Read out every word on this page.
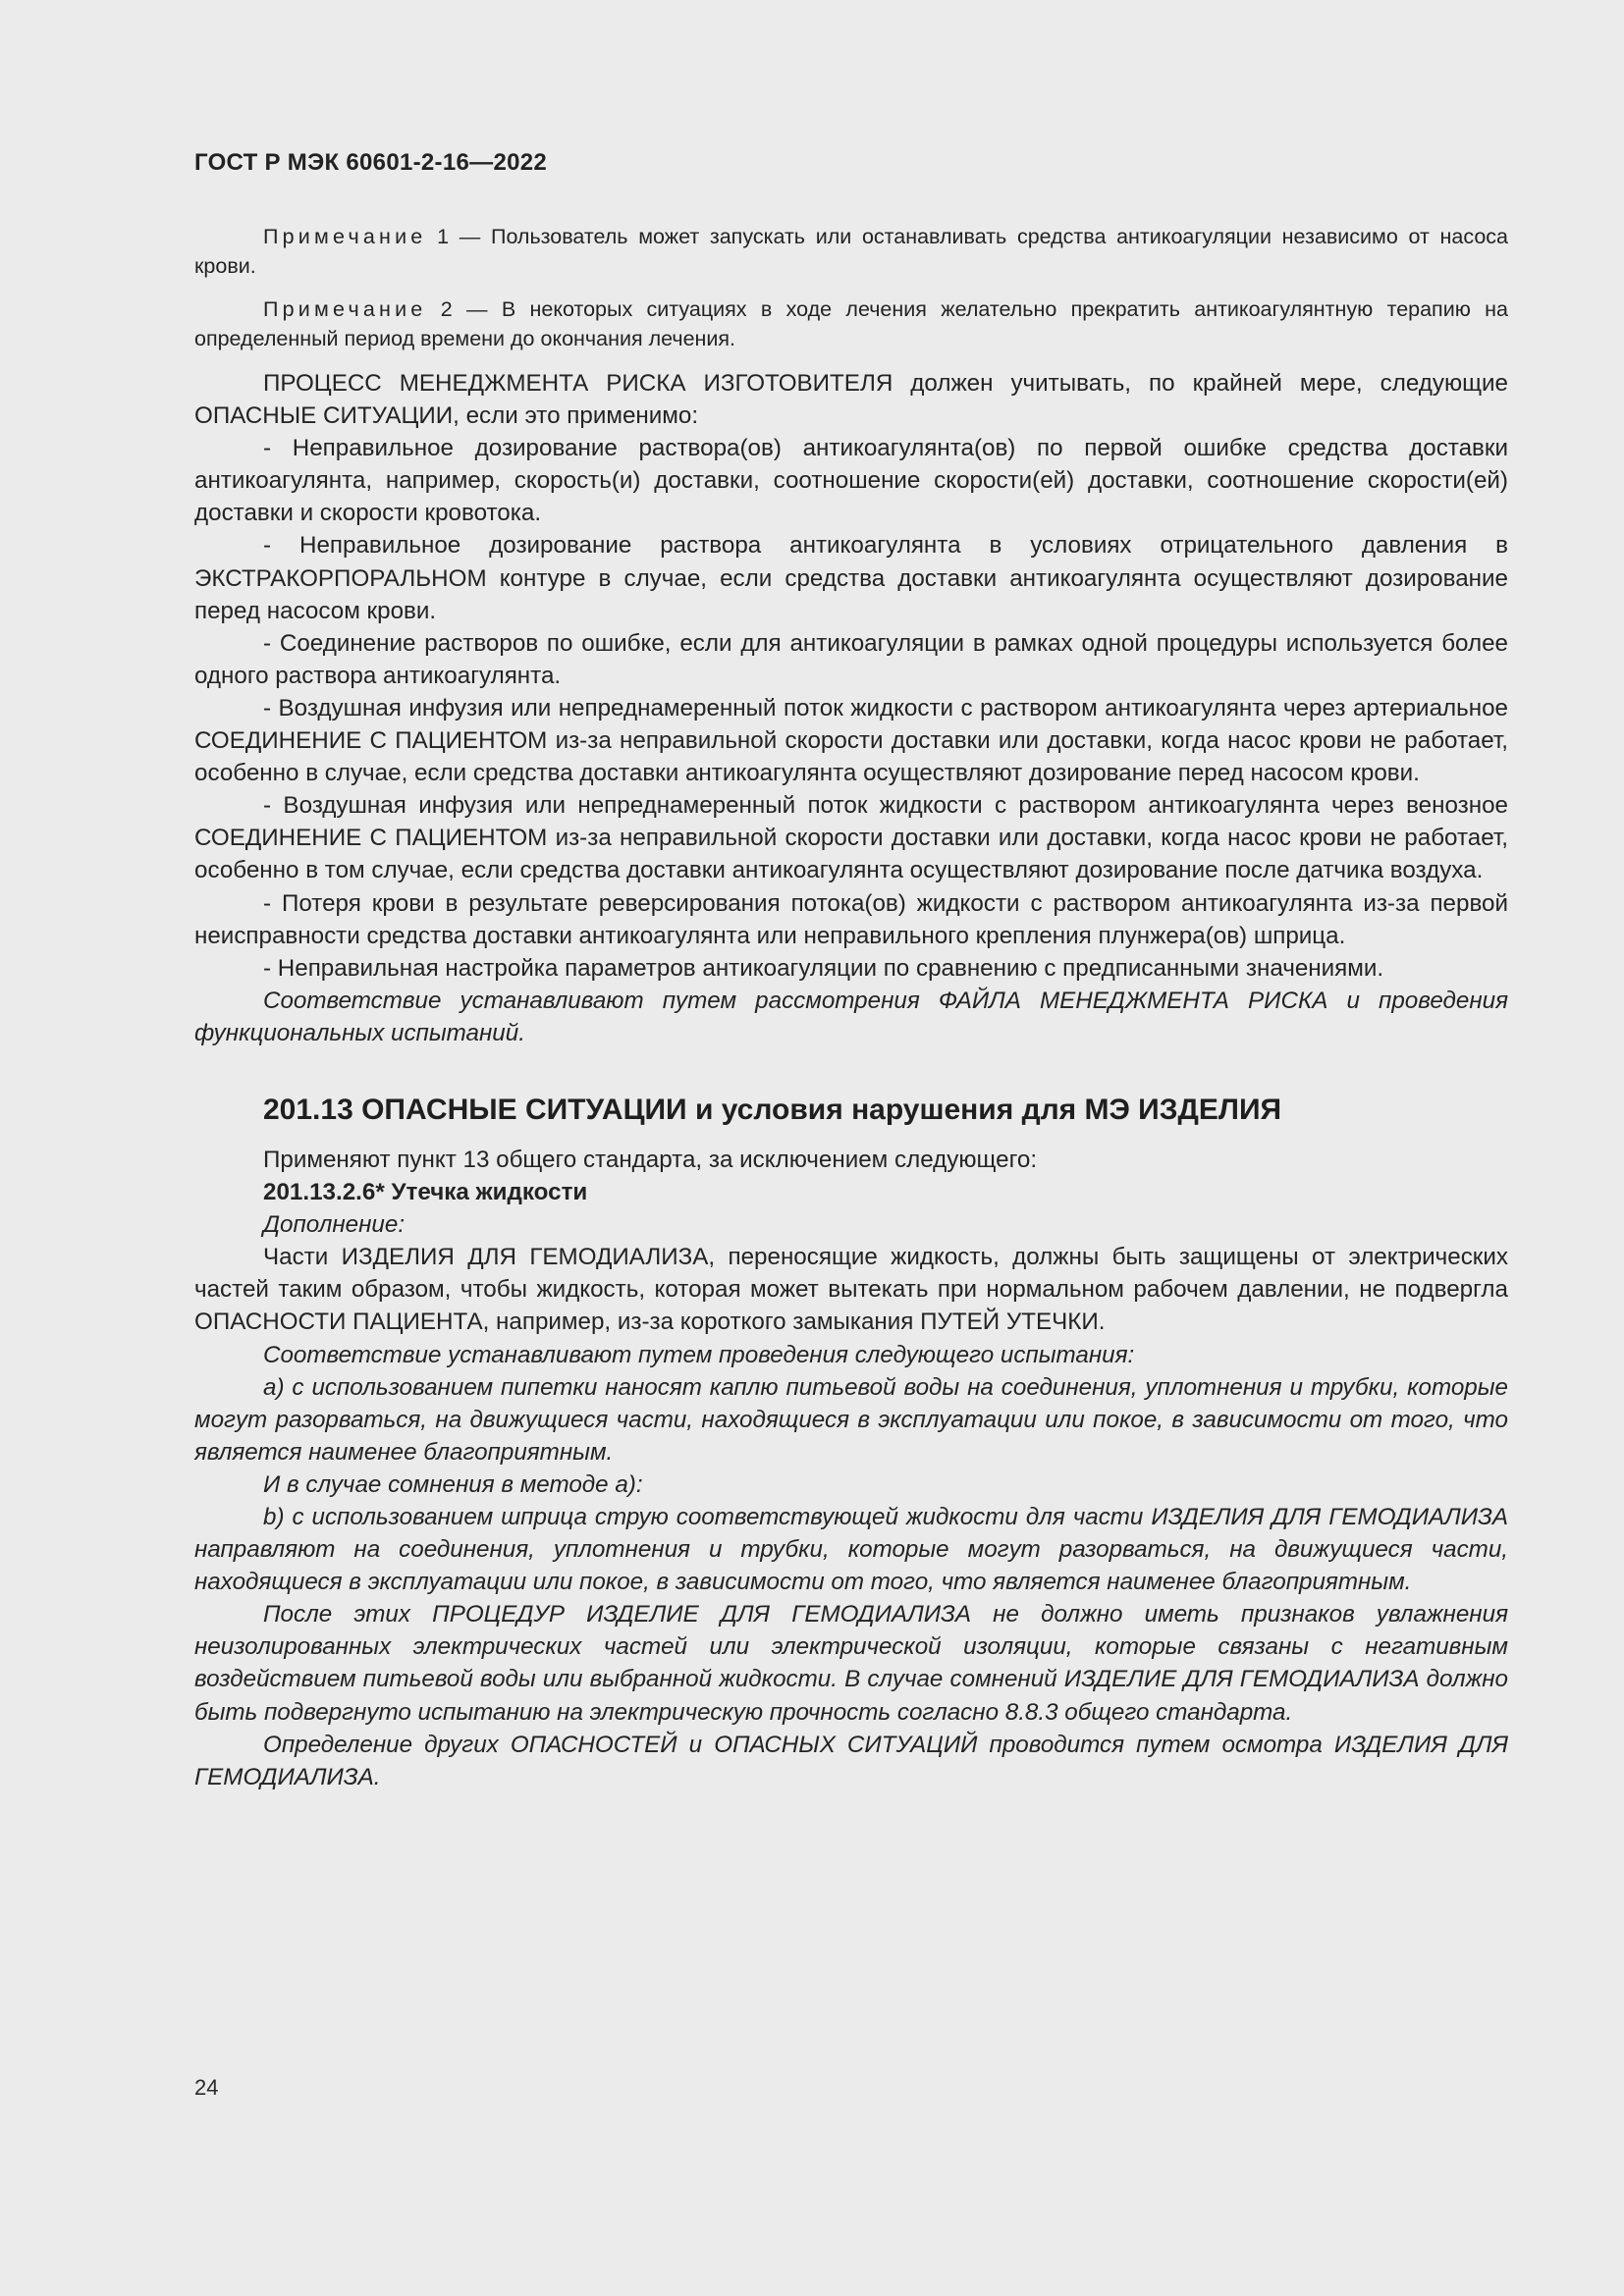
ГОСТ Р МЭК 60601-2-16—2022

Примечание 1 — Пользователь может запускать или останавливать средства антикоагуляции независимо от насоса крови.

Примечание 2 — В некоторых ситуациях в ходе лечения желательно прекратить антикоагулянтную терапию на определенный период времени до окончания лечения.

ПРОЦЕСС МЕНЕДЖМЕНТА РИСКА ИЗГОТОВИТЕЛЯ должен учитывать, по крайней мере, следующие ОПАСНЫЕ СИТУАЦИИ, если это применимо:

- Неправильное дозирование раствора(ов) антикоагулянта(ов) по первой ошибке средства доставки антикоагулянта, например, скорость(и) доставки, соотношение скорости(ей) доставки, соотношение скорости(ей) доставки и скорости кровотока.

- Неправильное дозирование раствора антикоагулянта в условиях отрицательного давления в ЭКСТРАКОРПОРАЛЬНОМ контуре в случае, если средства доставки антикоагулянта осуществляют дозирование перед насосом крови.

- Соединение растворов по ошибке, если для антикоагуляции в рамках одной процедуры используется более одного раствора антикоагулянта.

- Воздушная инфузия или непреднамеренный поток жидкости с раствором антикоагулянта через артериальное СОЕДИНЕНИЕ С ПАЦИЕНТОМ из-за неправильной скорости доставки или доставки, когда насос крови не работает, особенно в случае, если средства доставки антикоагулянта осуществляют дозирование перед насосом крови.

- Воздушная инфузия или непреднамеренный поток жидкости с раствором антикоагулянта через венозное СОЕДИНЕНИЕ С ПАЦИЕНТОМ из-за неправильной скорости доставки или доставки, когда насос крови не работает, особенно в том случае, если средства доставки антикоагулянта осуществляют дозирование после датчика воздуха.

- Потеря крови в результате реверсирования потока(ов) жидкости с раствором антикоагулянта из-за первой неисправности средства доставки антикоагулянта или неправильного крепления плунжера(ов) шприца.

- Неправильная настройка параметров антикоагуляции по сравнению с предписанными значениями.

Соответствие устанавливают путем рассмотрения ФАЙЛА МЕНЕДЖМЕНТА РИСКА и проведения функциональных испытаний.

201.13 ОПАСНЫЕ СИТУАЦИИ и условия нарушения для МЭ ИЗДЕЛИЯ

Применяют пункт 13 общего стандарта, за исключением следующего:

201.13.2.6* Утечка жидкости

Дополнение:

Части ИЗДЕЛИЯ ДЛЯ ГЕМОДИАЛИЗА, переносящие жидкость, должны быть защищены от электрических частей таким образом, чтобы жидкость, которая может вытекать при нормальном рабочем давлении, не подвергла ОПАСНОСТИ ПАЦИЕНТА, например, из-за короткого замыкания ПУТЕЙ УТЕЧКИ.

Соответствие устанавливают путем проведения следующего испытания:

a) с использованием пипетки наносят каплю питьевой воды на соединения, уплотнения и трубки, которые могут разорваться, на движущиеся части, находящиеся в эксплуатации или покое, в зависимости от того, что является наименее благоприятным.

И в случае сомнения в методе a):

b) с использованием шприца струю соответствующей жидкости для части ИЗДЕЛИЯ ДЛЯ ГЕМОДИАЛИЗА направляют на соединения, уплотнения и трубки, которые могут разорваться, на движущиеся части, находящиеся в эксплуатации или покое, в зависимости от того, что является наименее благоприятным.

После этих ПРОЦЕДУР ИЗДЕЛИЕ ДЛЯ ГЕМОДИАЛИЗА не должно иметь признаков увлажнения неизолированных электрических частей или электрической изоляции, которые связаны с негативным воздействием питьевой воды или выбранной жидкости. В случае сомнений ИЗДЕЛИЕ ДЛЯ ГЕМОДИАЛИЗА должно быть подвергнуто испытанию на электрическую прочность согласно 8.8.3 общего стандарта.

Определение других ОПАСНОСТЕЙ и ОПАСНЫХ СИТУАЦИЙ проводится путем осмотра ИЗДЕЛИЯ ДЛЯ ГЕМОДИАЛИЗА.

24
